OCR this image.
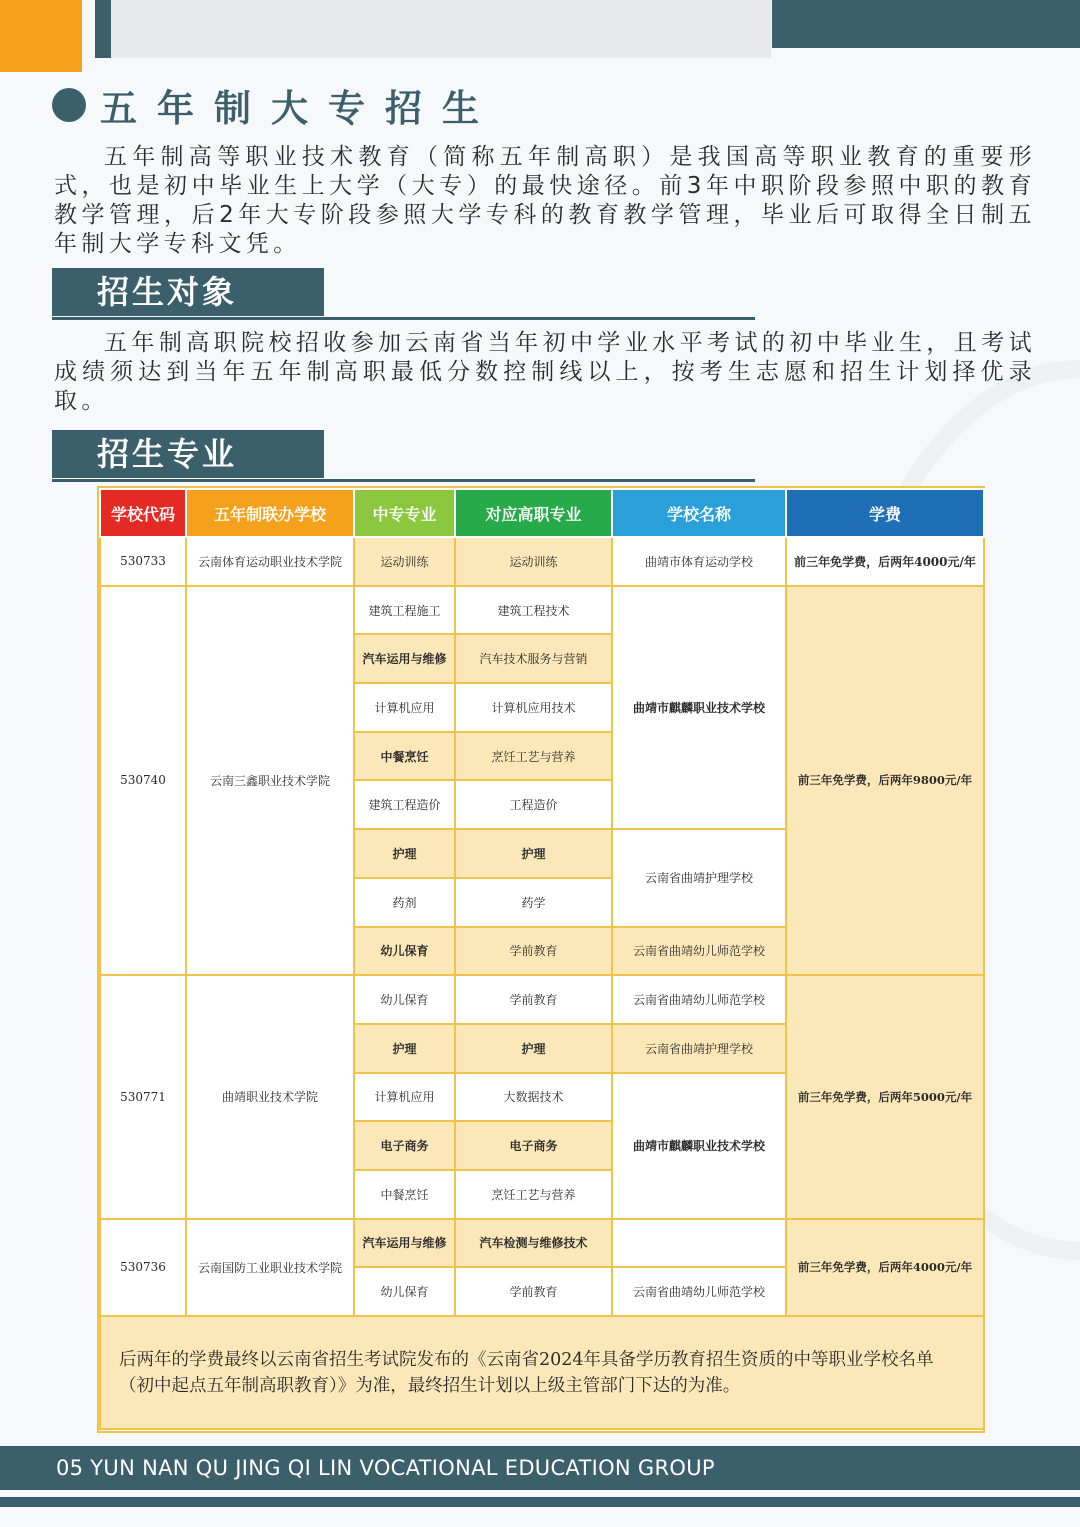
五年制大专招生

五年制高等职业技术教育（简称五年制高职）是我国高等职业教育的重要形式，也是初中毕业生上大学（大专）的最快途径。前3年中职阶段参照中职的教育教学管理，后2年大专阶段参照大学专科的教育教学管理，毕业后可取得全日制五年制大学专科文凭。

招生对象

五年制高职院校招收参加云南省当年初中学业水平考试的初中毕业生，且考试成绩须达到当年五年制高职最低分数控制线以上，按考生志愿和招生计划择优录取。

招生专业
学校代码	五年制联办学校	中专专业	对应高职专业	学校名称	学费
530733	云南体育运动职业技术学院	运动训练	运动训练	曲靖市体育运动学校	前三年免学费，后两年4000元/年
530740	云南三鑫职业技术学院	建筑工程施工	建筑工程技术	曲靖市麒麟职业技术学校	前三年免学费，后两年9800元/年
		汽车运用与维修	汽车技术服务与营销		
		计算机应用	计算机应用技术		
		中餐烹饪	烹饪工艺与营养		
		建筑工程造价	工程造价		
		护理	护理	云南省曲靖护理学校	
		药剂	药学		
		幼儿保育	学前教育	云南省曲靖幼儿师范学校	
530771	曲靖职业技术学院	幼儿保育	学前教育	云南省曲靖幼儿师范学校	前三年免学费，后两年5000元/年
		护理	护理	云南省曲靖护理学校	
		计算机应用	大数据技术	曲靖市麒麟职业技术学校	
		电子商务	电子商务		
		中餐烹饪	烹饪工艺与营养		
530736	云南国防工业职业技术学院	汽车运用与维修	汽车检测与维修技术		前三年免学费，后两年4000元/年
		幼儿保育	学前教育	云南省曲靖幼儿师范学校	
后两年的学费最终以云南省招生考试院发布的《云南省2024年具备学历教育招生资质的中等职业学校名单（初中起点五年制高职教育）》为准，最终招生计划以上级主管部门下达的为准。					
05 YUN NAN QU JING QI LIN VOCATIONAL EDUCATION GROUP
